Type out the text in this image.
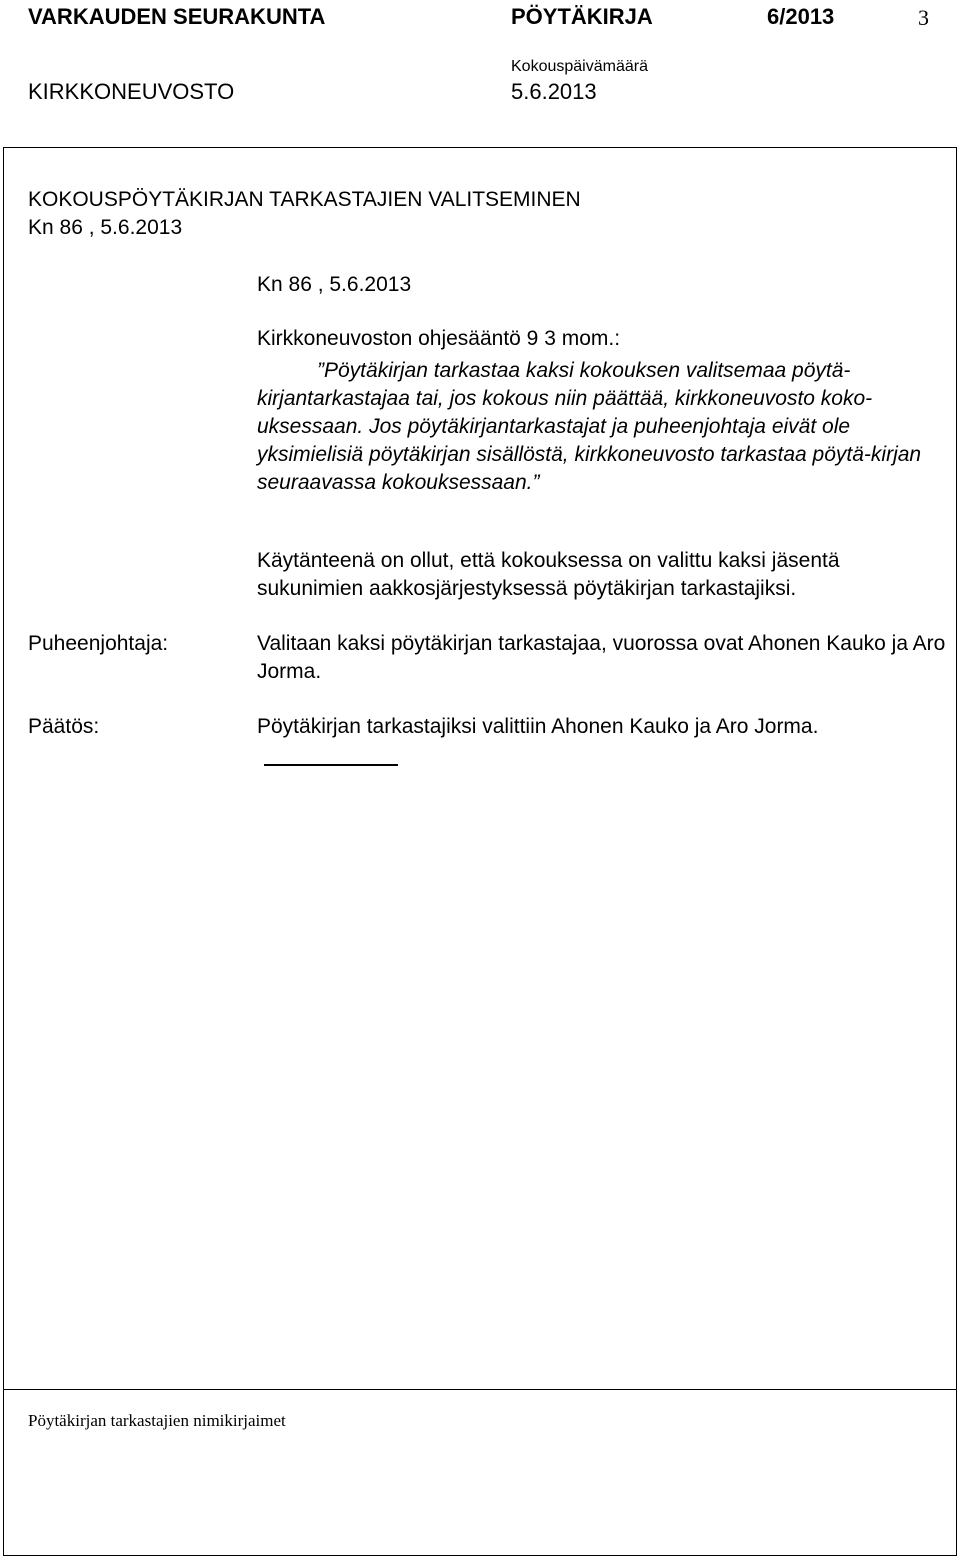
VARKAUDEN SEURAKUNTA	PÖYTÄKIRJA	6/2013	3
Kokouspäivämäärä
KIRKKONEUVOSTO	5.6.2013
KOKOUSPÖYTÄKIRJAN TARKASTAJIEN VALITSEMINEN
Kn 86 , 5.6.2013
Kn 86 , 5.6.2013
Kirkkoneuvoston ohjesääntö 9 3 mom.:
”Pöytäkirjan tarkastaa kaksi kokouksen valitsemaa pöytä-
kirjantarkastajaa tai, jos kokous niin päättää, kirkkoneuvosto koko-uksessaan. Jos pöytäkirjantarkastajat ja puheenjohtaja eivät ole yksimielisiä pöytäkirjan sisällöstä, kirkkoneuvosto tarkastaa pöytä-kirjan seuraavassa kokouksessaan.”
Käytänteenä on ollut, että kokouksessa on valittu kaksi jäsentä sukunimien aakkosjärjestyksessä pöytäkirjan tarkastajiksi.
Puheenjohtaja:	Valitaan kaksi pöytäkirjan tarkastajaa, vuorossa ovat Ahonen Kauko ja Aro Jorma.
Päätös:	Pöytäkirjan tarkastajiksi valittiin Ahonen Kauko ja Aro Jorma.
Pöytäkirjan tarkastajien nimikirjaimet
